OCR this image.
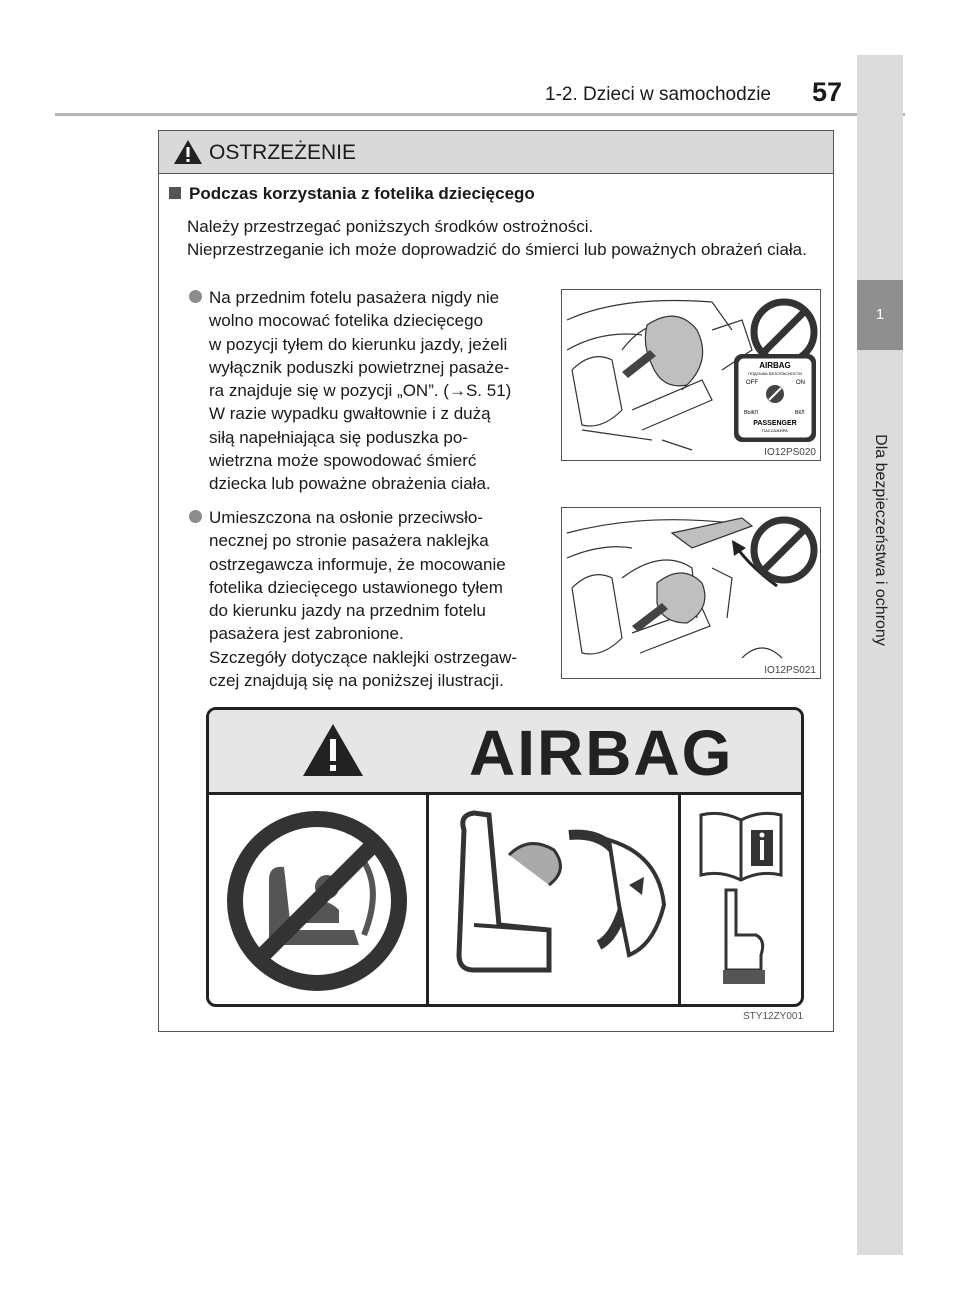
1-2. Dzieci w samochodzie 57
1
Dla bezpieczeństwa i ochrony
OSTRZEŻENIE
Podczas korzystania z fotelika dziecięcego

Należy przestrzegać poniższych środków ostrożności.

Nieprzestrzeganie ich może doprowadzić do śmierci lub poważnych obrażeń ciała.

Na przednim fotelu pasażera nigdy nie
wolno mocować fotelika dziecięcego
w pozycji tyłem do kierunku jazdy, jeżeli
wyłącznik poduszki powietrznej pasaże-
ra znajduje się w pozycji „ON”. (→S. 51)
W razie wypadku gwałtownie i z dużą
siłą napełniająca się poduszka po-
wietrzna może spowodować śmierć
dziecka lub poważne obrażenia ciała.
AIRBAG
ПОДУШКА БЕЗОПАСНОСТИ
OFF	ON
ВЫКЛ	ВКЛ
PASSENGER
ПАССАЖИРА
IO12PS020
Umieszczona na osłonie przeciwsło-
necznej po stronie pasażera naklejka
ostrzegawcza informuje, że mocowanie
fotelika dziecięcego ustawionego tyłem
do kierunku jazdy na przednim fotelu
pasażera jest zabronione.
Szczegóły dotyczące naklejki ostrzegaw-
czej znajdują się na poniższej ilustracji.
IO12PS021
AIRBAG
STY12ZY001
